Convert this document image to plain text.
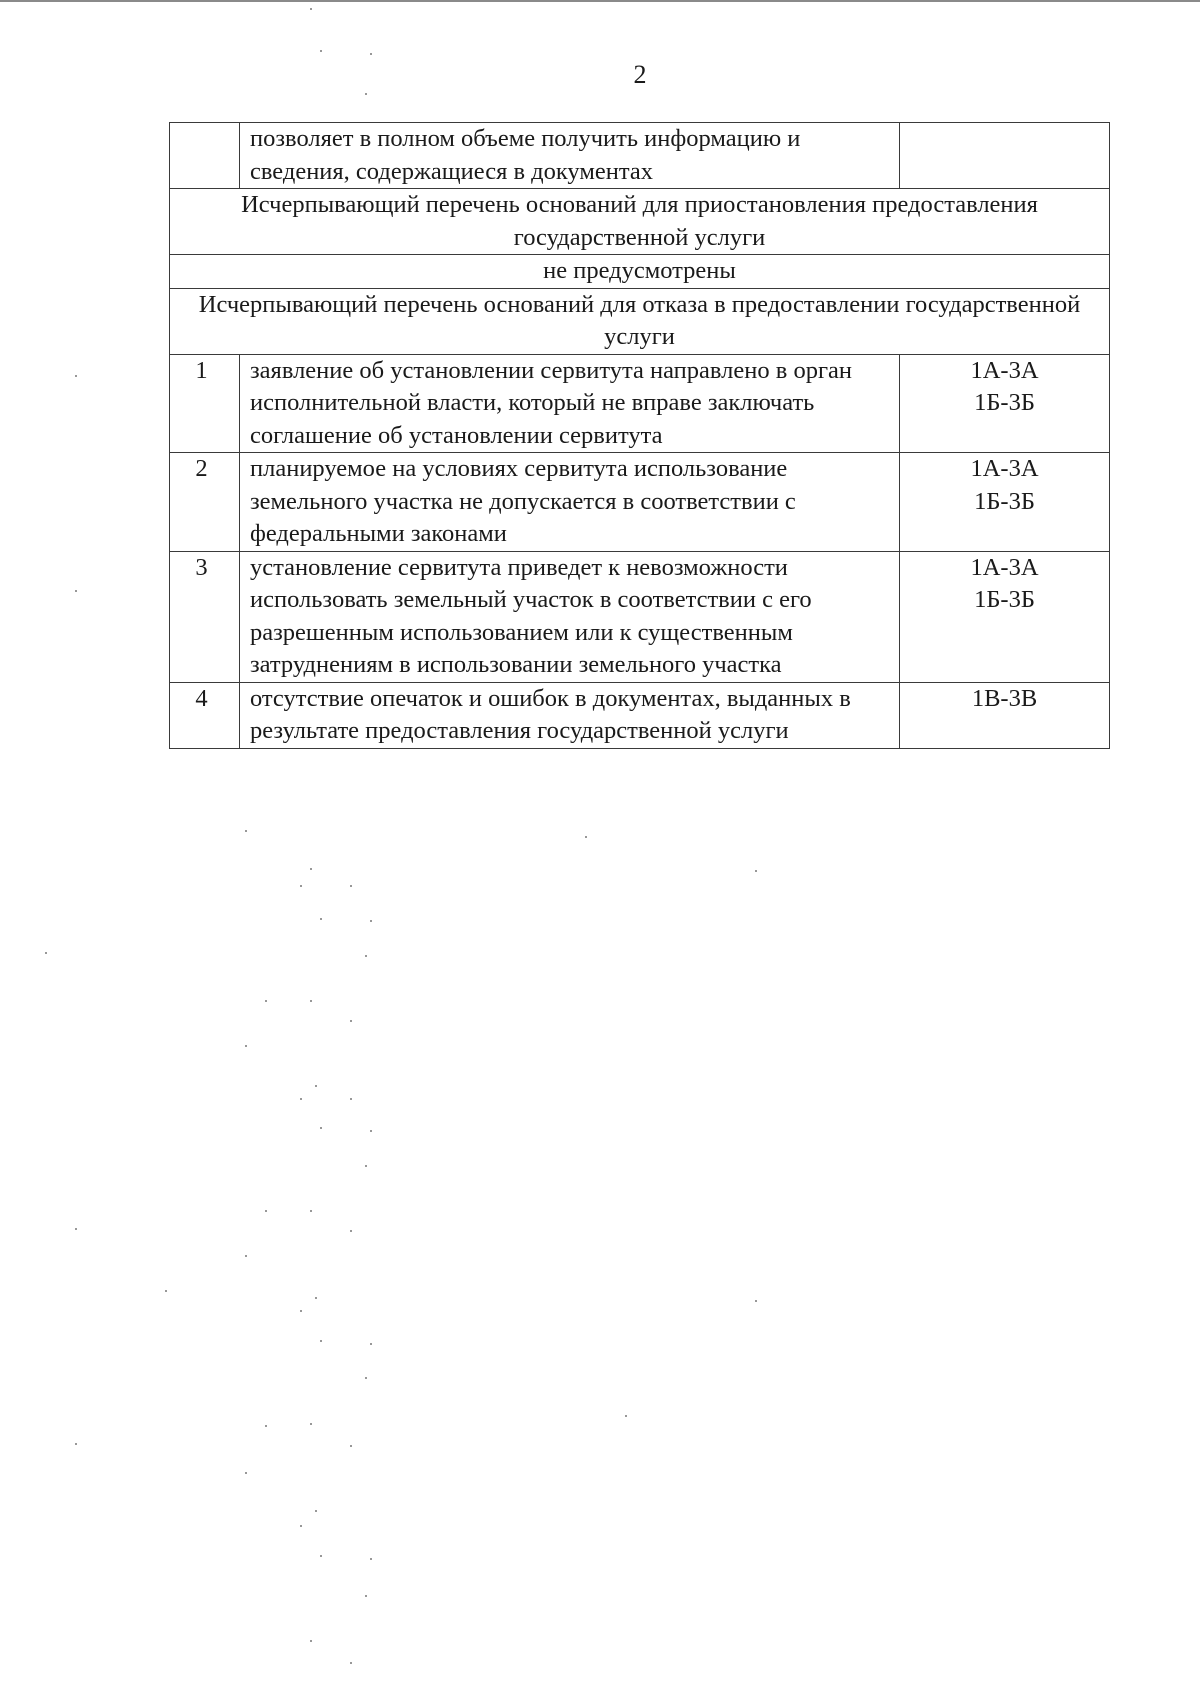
2

	позволяет в полном объеме получить информацию и сведения, содержащиеся в документах	

Исчерпывающий перечень оснований для приостановления предоставления государственной услуги		
не предусмотрены		
Исчерпывающий перечень оснований для отказа в предоставлении государственной услуги		
1	заявление об установлении сервитута направлено в орган исполнительной власти, который не вправе заключать соглашение об установлении сервитута	1А-3А
1Б-3Б

2	планируемое на условиях сервитута использование земельного участка не допускается в соответствии с федеральными законами	1А-3А
1Б-3Б

3	установление сервитута приведет к невозможности использовать земельный участок в соответствии с его разрешенным использованием или к существенным затруднениям в использовании земельного участка	1А-3А
1Б-3Б

4	отсутствие опечаток и ошибок в документах, выданных в результате предоставления государственной услуги	1В-3В
